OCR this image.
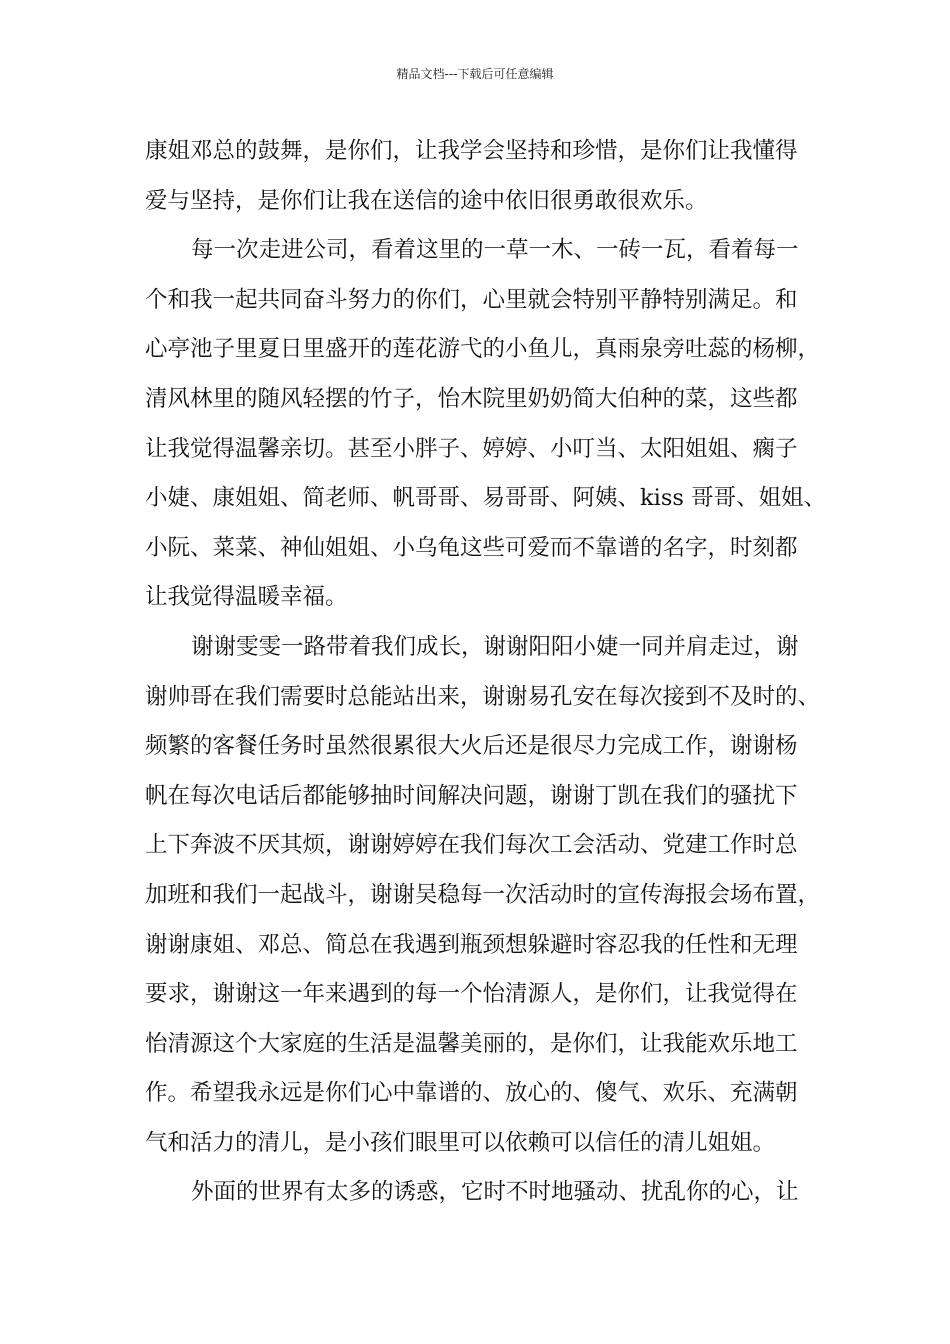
精品文档---下载后可任意编辑
康姐邓总的鼓舞，是你们，让我学会坚持和珍惜，是你们让我懂得
爱与坚持，是你们让我在送信的途中依旧很勇敢很欢乐。
每一次走进公司，看着这里的一草一木、一砖一瓦，看着每一
个和我一起共同奋斗努力的你们，心里就会特别平静特别满足。和
心亭池子里夏日里盛开的莲花游弋的小鱼儿，真雨泉旁吐蕊的杨柳，
清风林里的随风轻摆的竹子，怡木院里奶奶简大伯种的菜，这些都
让我觉得温馨亲切。甚至小胖子、婷婷、小叮当、太阳姐姐、瘸子
小婕、康姐姐、简老师、帆哥哥、易哥哥、阿姨、kiss 哥哥、姐姐、
小阮、菜菜、神仙姐姐、小乌龟这些可爱而不靠谱的名字，时刻都
让我觉得温暖幸福。
谢谢雯雯一路带着我们成长，谢谢阳阳小婕一同并肩走过，谢
谢帅哥在我们需要时总能站出来，谢谢易孔安在每次接到不及时的、
频繁的客餐任务时虽然很累很大火后还是很尽力完成工作，谢谢杨
帆在每次电话后都能够抽时间解决问题，谢谢丁凯在我们的骚扰下
上下奔波不厌其烦，谢谢婷婷在我们每次工会活动、党建工作时总
加班和我们一起战斗，谢谢吴稳每一次活动时的宣传海报会场布置，
谢谢康姐、邓总、简总在我遇到瓶颈想躲避时容忍我的任性和无理
要求，谢谢这一年来遇到的每一个怡清源人，是你们，让我觉得在
怡清源这个大家庭的生活是温馨美丽的，是你们，让我能欢乐地工
作。希望我永远是你们心中靠谱的、放心的、傻气、欢乐、充满朝
气和活力的清儿，是小孩们眼里可以依赖可以信任的清儿姐姐。
外面的世界有太多的诱惑，它时不时地骚动、扰乱你的心，让
